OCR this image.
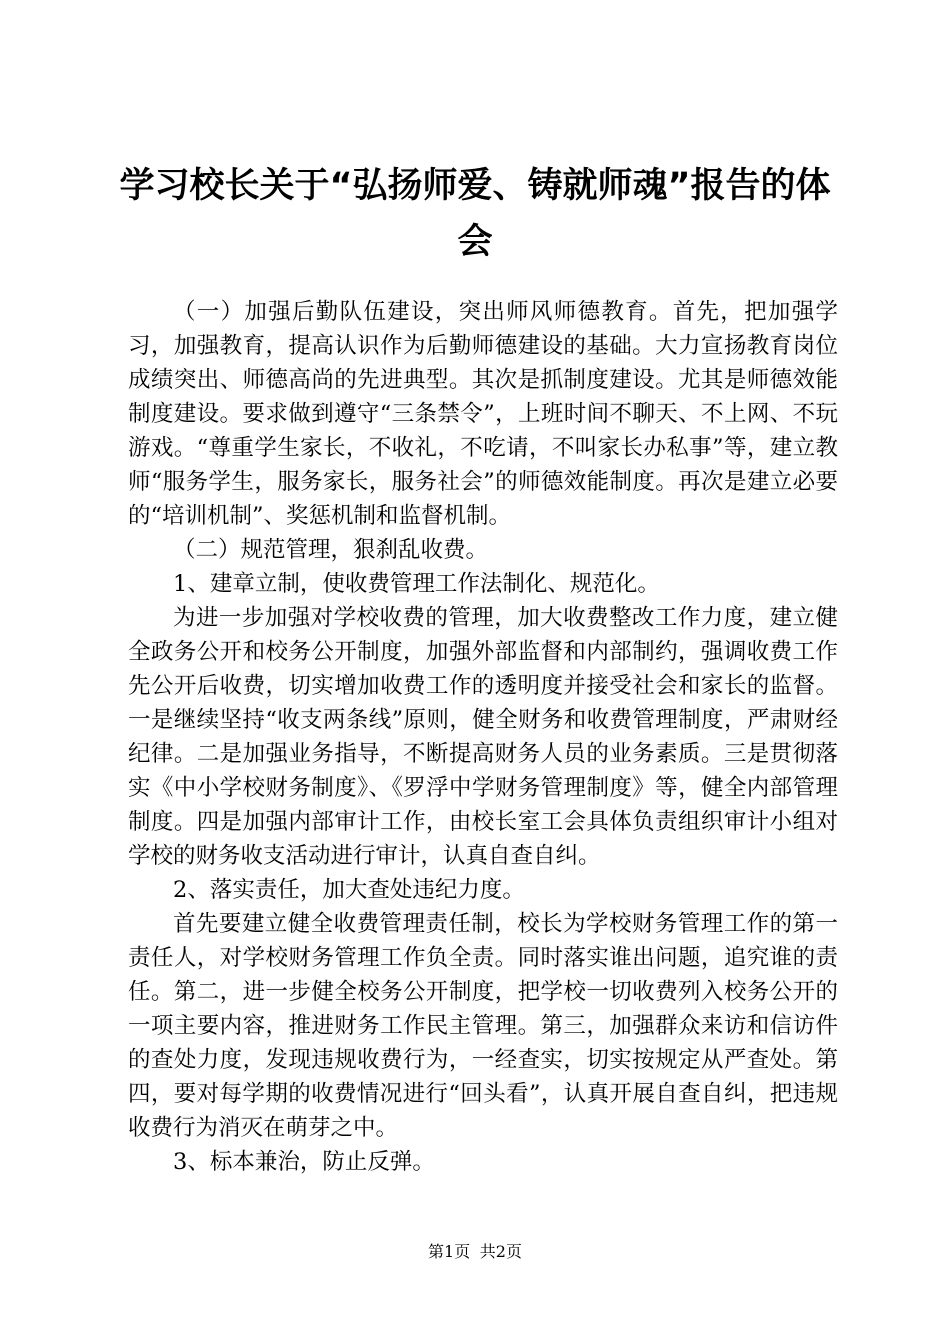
学习校长关于“弘扬师爱、铸就师魂”报告的体会

（一）加强后勤队伍建设，突出师风师德教育。首先，把加强学习，加强教育，提高认识作为后勤师德建设的基础。大力宣扬教育岗位成绩突出、师德高尚的先进典型。其次是抓制度建设。尤其是师德效能制度建设。要求做到遵守“三条禁令”，上班时间不聊天、不上网、不玩游戏。“尊重学生家长，不收礼，不吃请，不叫家长办私事”等，建立教师“服务学生，服务家长，服务社会”的师德效能制度。再次是建立必要的“培训机制”、奖惩机制和监督机制。

（二）规范管理，狠刹乱收费。

1、建章立制，使收费管理工作法制化、规范化。

为进一步加强对学校收费的管理，加大收费整改工作力度，建立健全政务公开和校务公开制度，加强外部监督和内部制约，强调收费工作先公开后收费，切实增加收费工作的透明度并接受社会和家长的监督。一是继续坚持“收支两条线”原则，健全财务和收费管理制度，严肃财经纪律。二是加强业务指导，不断提高财务人员的业务素质。三是贯彻落实《中小学校财务制度》、《罗浮中学财务管理制度》等，健全内部管理制度。四是加强内部审计工作，由校长室工会具体负责组织审计小组对学校的财务收支活动进行审计，认真自查自纠。

2、落实责任，加大查处违纪力度。

首先要建立健全收费管理责任制，校长为学校财务管理工作的第一责任人，对学校财务管理工作负全责。同时落实谁出问题，追究谁的责任。第二，进一步健全校务公开制度，把学校一切收费列入校务公开的一项主要内容，推进财务工作民主管理。第三，加强群众来访和信访件的查处力度，发现违规收费行为，一经查实，切实按规定从严查处。第四，要对每学期的收费情况进行“回头看”，认真开展自查自纠，把违规收费行为消灭在萌芽之中。

3、标本兼治，防止反弹。

第1页 共2页
